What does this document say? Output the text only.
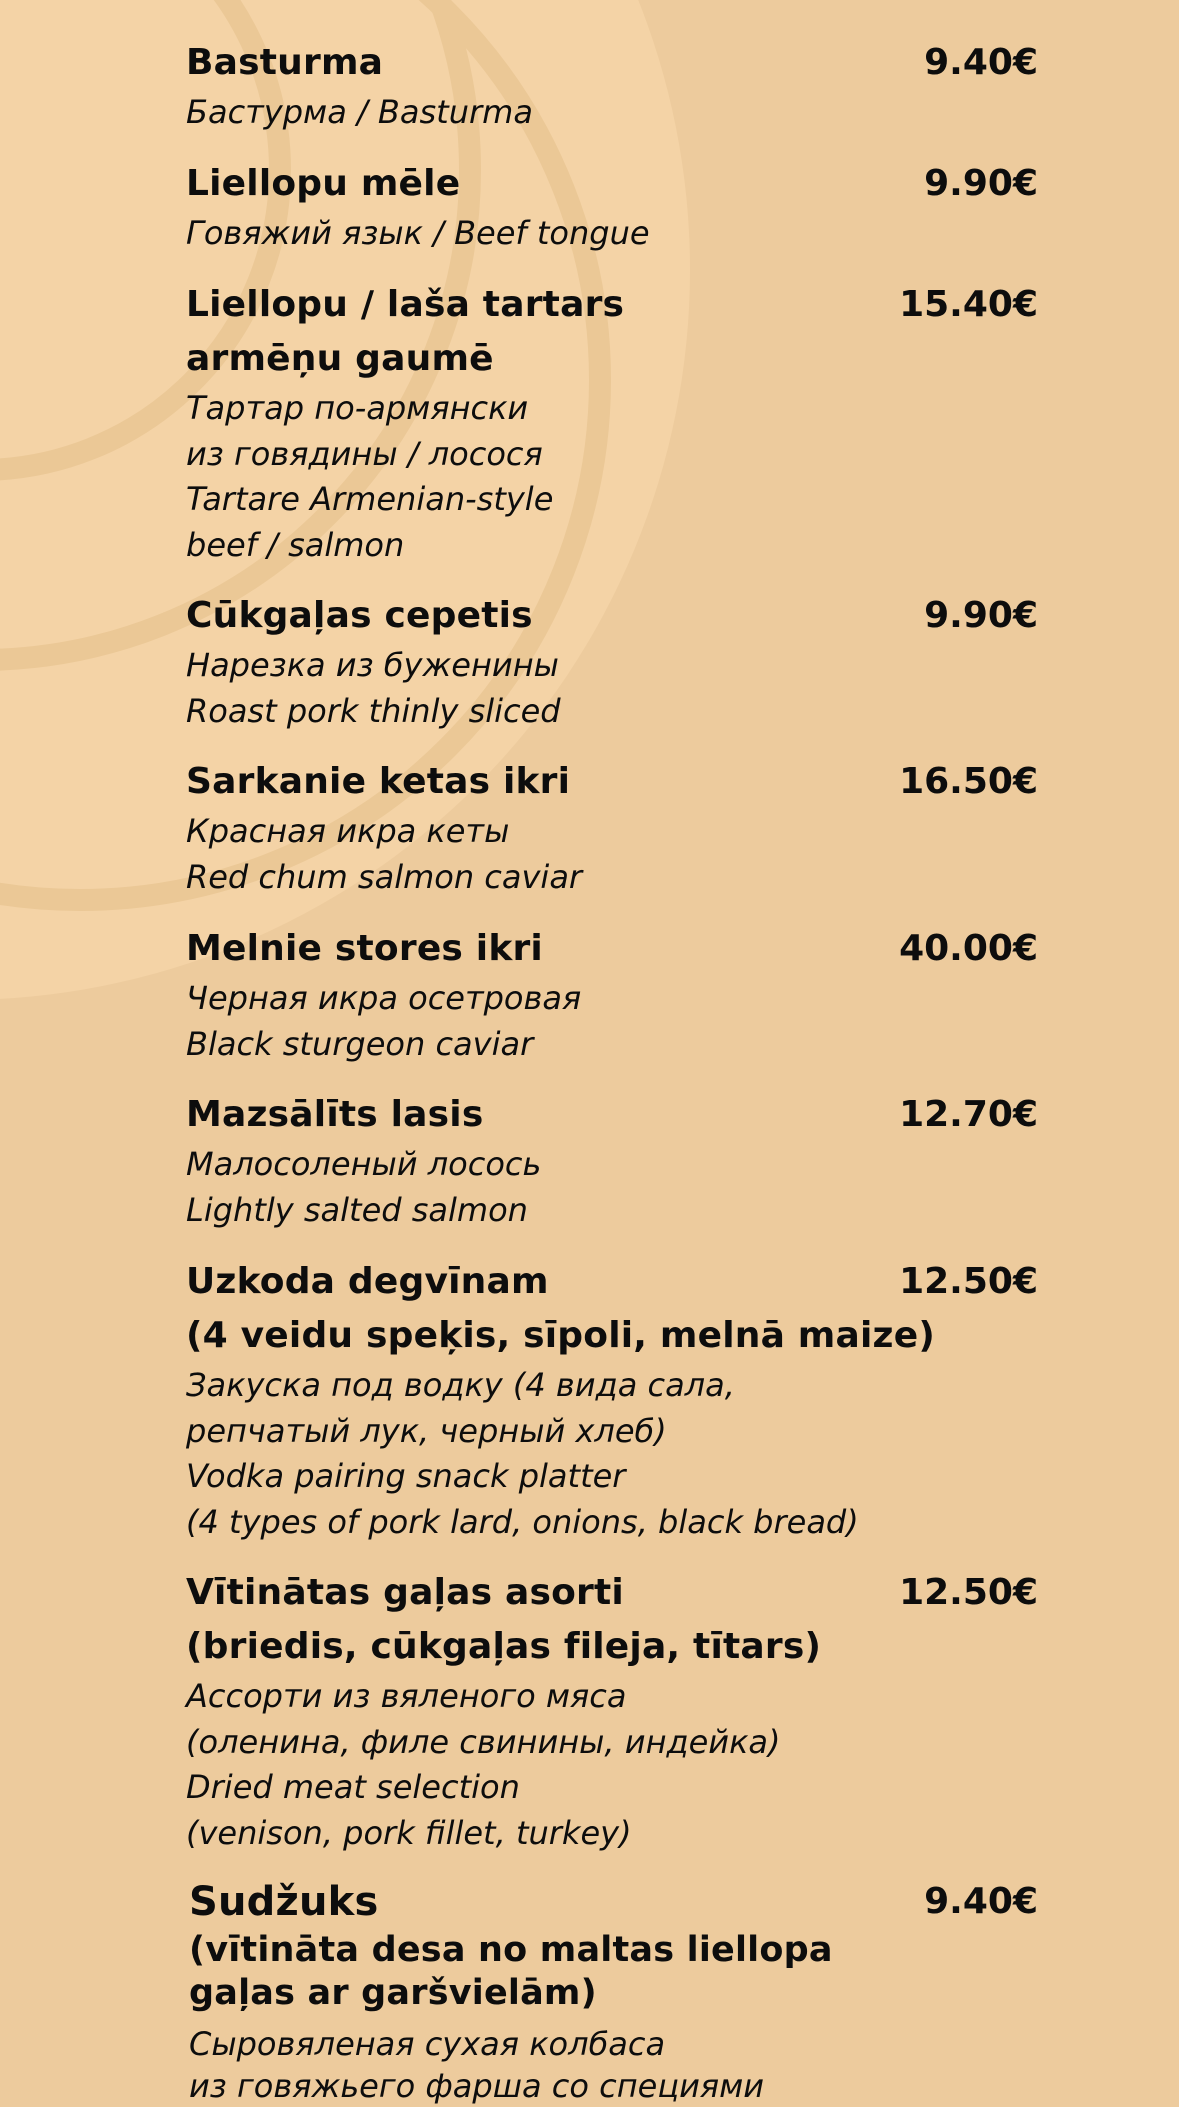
Basturma
Бастурма / Basturma
9.40€
Liellopu mēle
Говяжий язык / Beef tongue
9.90€
Liellopu / laša tartars
armēņu gaumē
Тартар по-армянски
из говядины / лосося
Tartare Armenian-style
beef / salmon
15.40€
Cūkgaļas cepetis
Нарезка из буженины
Roast pork thinly sliced
9.90€
Sarkanie ketas ikri
Красная икра кеты
Red chum salmon caviar
16.50€
Melnie stores ikri
Черная икра осетровая
Black sturgeon caviar
40.00€
Mazsālīts lasis
Малосоленый лосось
Lightly salted salmon
12.70€
Uzkoda degvīnam
(4 veidu speķis, sīpoli, melnā maize)
Закуска под водку (4 вида сала,
репчатый лук, черный хлеб)
Vodka pairing snack platter
(4 types of pork lard, onions, black bread)
12.50€
Vītinātas gaļas asorti
(briedis, cūkgaļas fileja, tītars)
Ассорти из вяленого мяса
(оленина, филе свинины, индейка)
Dried meat selection
(venison, pork fillet, turkey)
12.50€
Sudžuks
(vītināta desa no maltas liellopa
gaļas ar garšvielām)
Сыровяленая сухая колбаса
из говяжьего фарша со специями
9.40€
